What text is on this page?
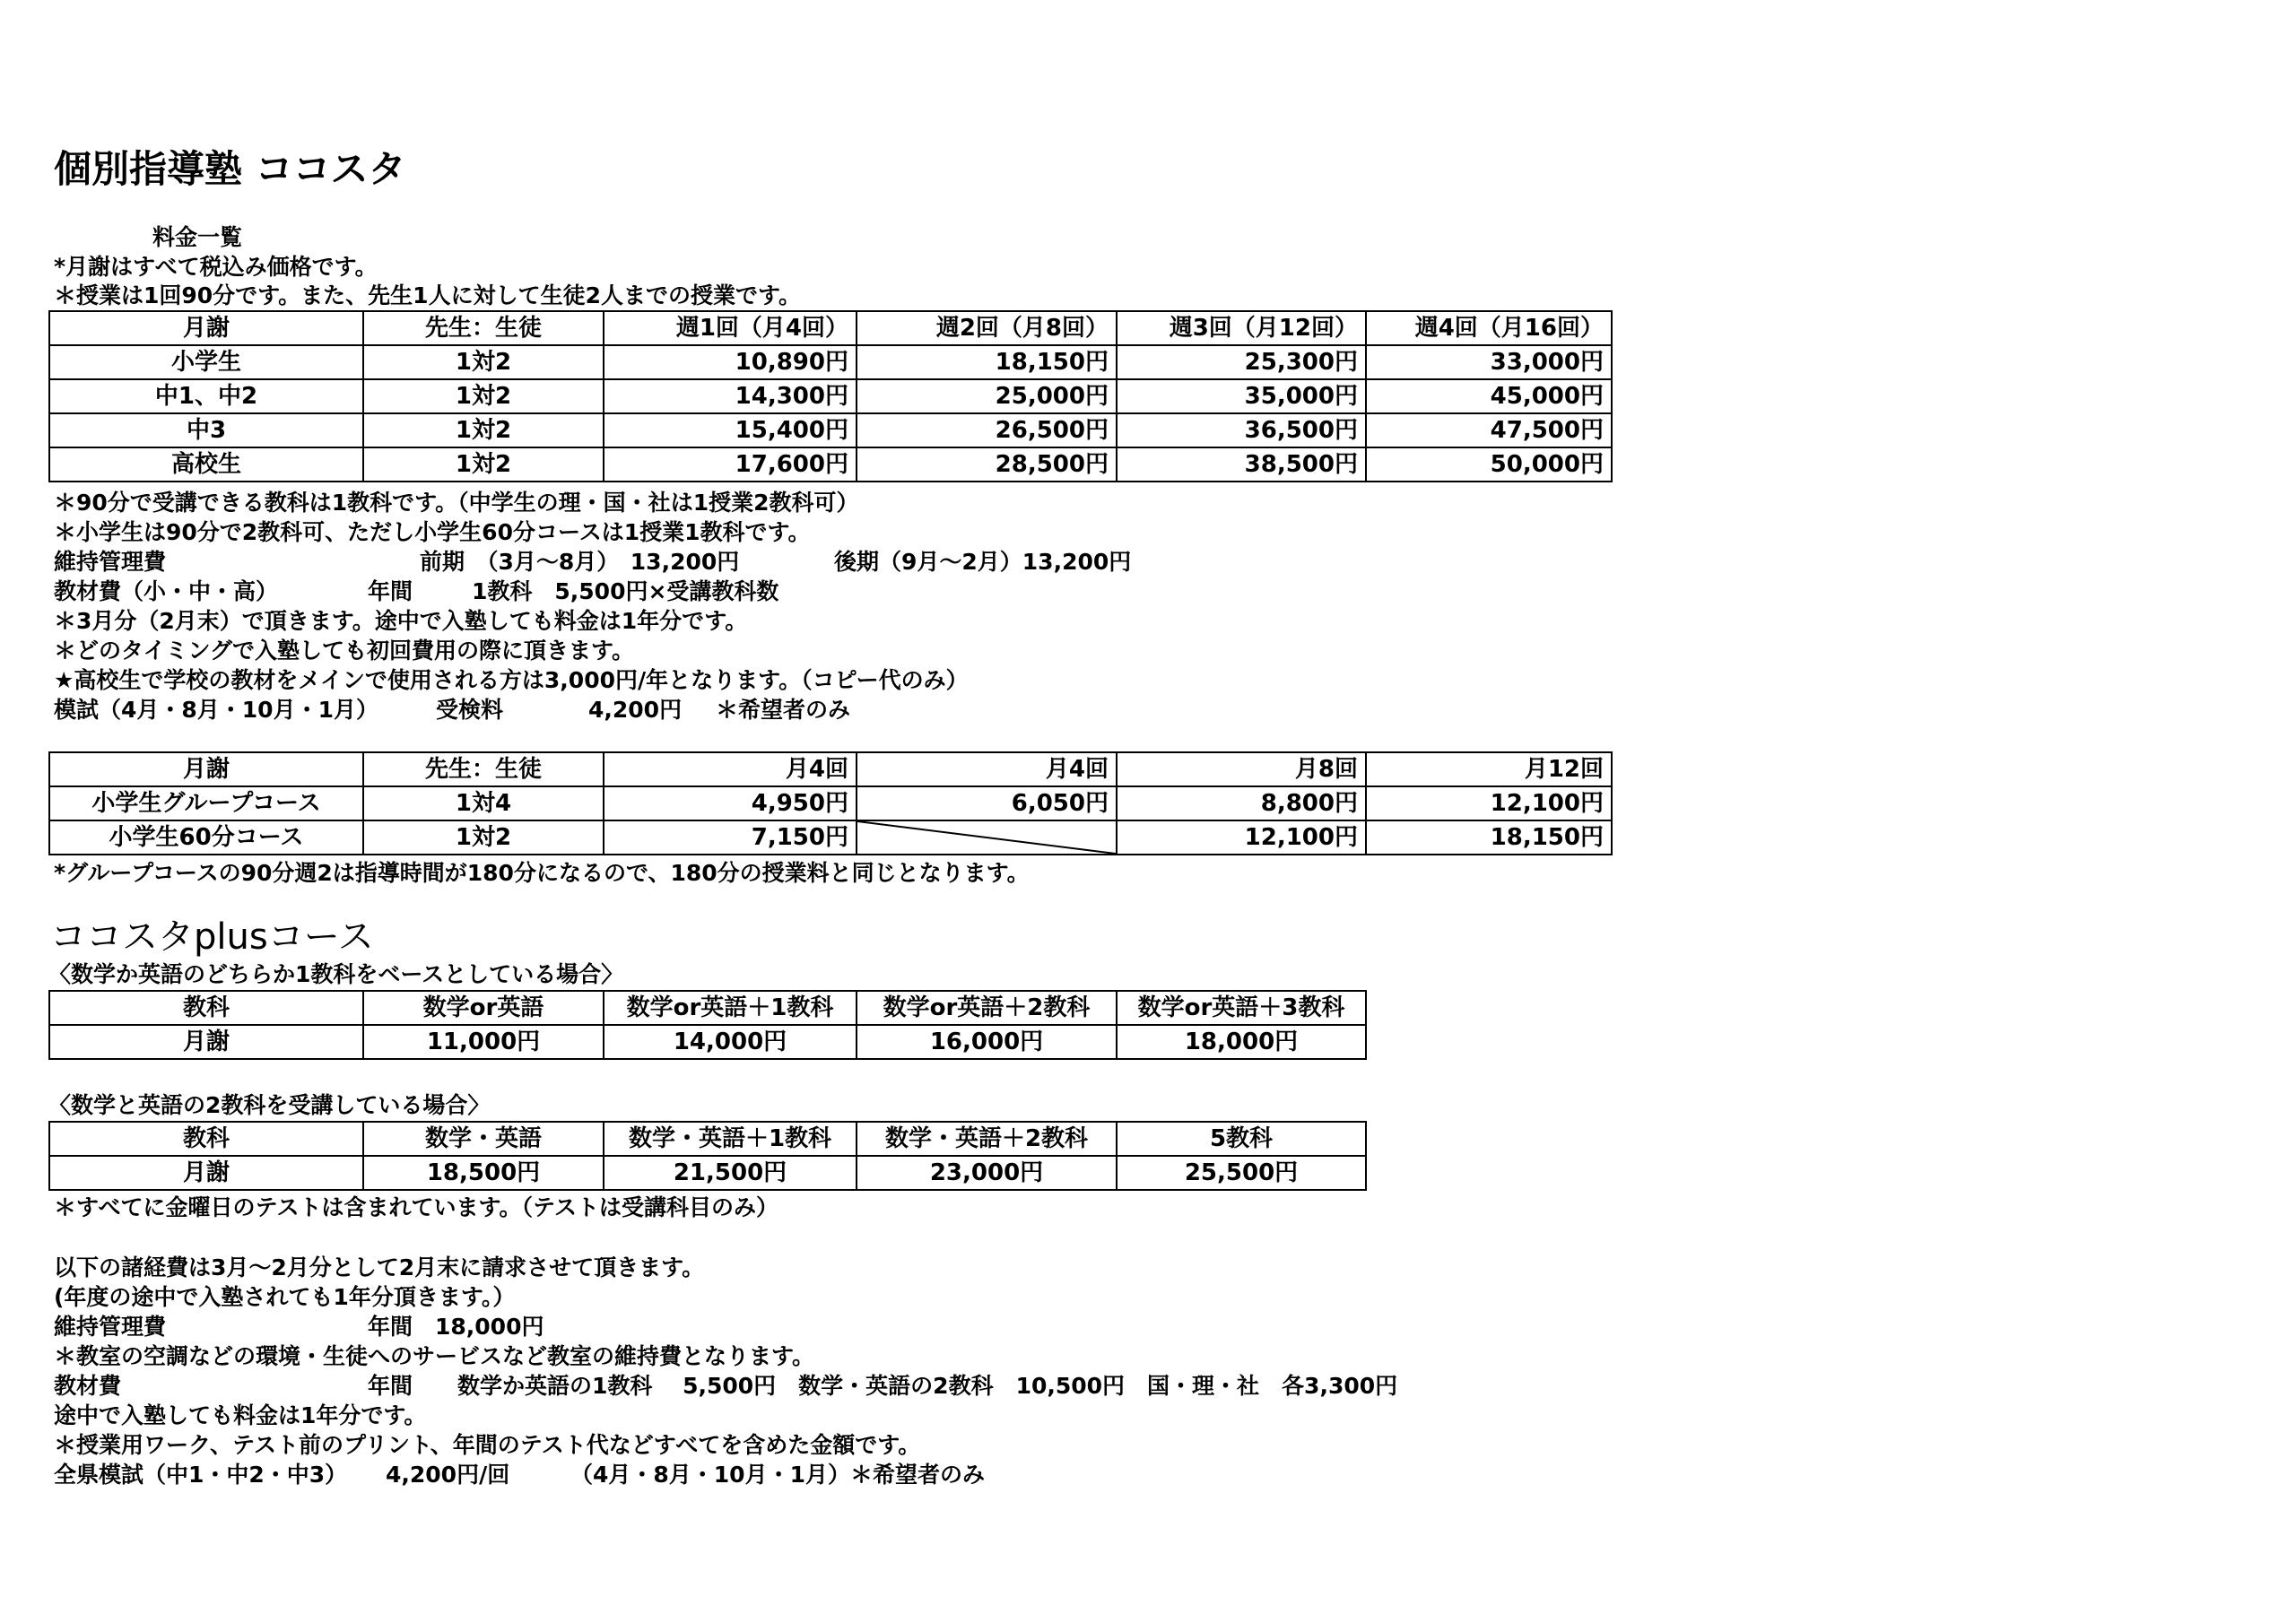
個別指導塾 ココスタ
料金一覧
*月謝はすべて税込み価格です。
＊授業は1回90分です。また、先生1人に対して生徒2人までの授業です。
月謝	先生：生徒	週1回（月4回）	週2回（月8回）	週3回（月12回）	週4回（月16回）
小学生	1対2	10,890円	18,150円	25,300円	33,000円
中1、中2	1対2	14,300円	25,000円	35,000円	45,000円
中3	1対2	15,400円	26,500円	36,500円	47,500円
高校生	1対2	17,600円	28,500円	38,500円	50,000円
＊90分で受講できる教科は1教科です。（中学生の理・国・社は1授業2教科可）
＊小学生は90分で2教科可、ただし小学生60分コースは1授業1教科です。
維持管理費	前期　（3月～8月）　13,200円	後期（9月～2月）13,200円
教材費（小・中・高）	年間	1教科　5,500円×受講教科数
＊3月分（2月末）で頂きます。途中で入塾しても料金は1年分です。
＊どのタイミングで入塾しても初回費用の際に頂きます。
★高校生で学校の教材をメインで使用される方は3,000円/年となります。（コピー代のみ）
模試（4月・8月・10月・1月）	受検料	4,200円 ＊希望者のみ
月謝	先生：生徒	月4回	月4回	月8回	月12回
小学生グループコース	1対4	4,950円	6,050円	8,800円	12,100円
小学生60分コース	1対2	7,150円		12,100円	18,150円
*グループコースの90分週2は指導時間が180分になるので、180分の授業料と同じとなります。
ココスタplusコース
〈数学か英語のどちらか1教科をベースとしている場合〉
教科	数学or英語	数学or英語＋1教科	数学or英語＋2教科	数学or英語＋3教科
月謝	11,000円	14,000円	16,000円	18,000円
〈数学と英語の2教科を受講している場合〉
教科	数学・英語	数学・英語＋1教科	数学・英語＋2教科	5教科
月謝	18,500円	21,500円	23,000円	25,500円
＊すべてに金曜日のテストは含まれています。（テストは受講科目のみ）
以下の諸経費は3月～2月分として2月末に請求させて頂きます。
(年度の途中で入塾されても1年分頂きます。）
維持管理費	年間　18,000円
＊教室の空調などの環境・生徒へのサービスなど教室の維持費となります。
教材費	年間　　数学か英語の1教科　 5,500円　数学・英語の2教科　10,500円　国・理・社　各3,300円
途中で入塾しても料金は1年分です。
＊授業用ワーク、テスト前のプリント、年間のテスト代などすべてを含めた金額です。
全県模試（中1・中2・中3） 4,200円/回	（4月・8月・10月・1月）＊希望者のみ
